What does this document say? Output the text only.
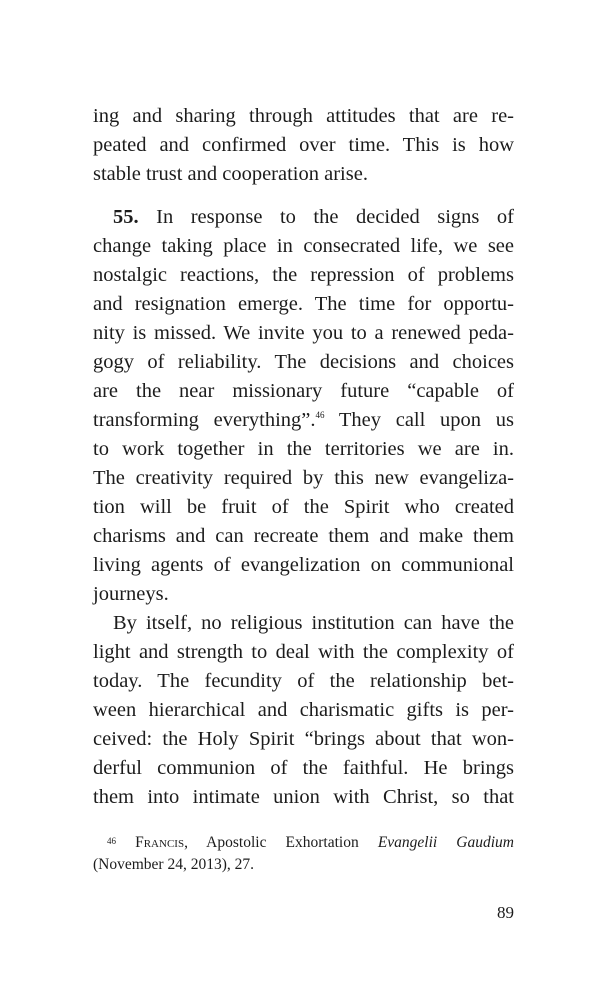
ing and sharing through attitudes that are re-
peated and confirmed over time. This is how
stable trust and cooperation arise.
55. In response to the decided signs of
change taking place in consecrated life, we see
nostalgic reactions, the repression of problems
and resignation emerge. The time for opportu-
nity is missed. We invite you to a renewed peda-
gogy of reliability. The decisions and choices
are the near missionary future “capable of
transforming everything”.$^{46}$ They call upon us
to work together in the territories we are in.
The creativity required by this new evangeliza-
tion will be fruit of the Spirit who created
charisms and can recreate them and make them
living agents of evangelization on communional
journeys.
By itself, no religious institution can have the
light and strength to deal with the complexity of
today. The fecundity of the relationship bet-
ween hierarchical and charismatic gifts is per-
ceived: the Holy Spirit “brings about that won-
derful communion of the faithful. He brings
them into intimate union with Christ, so that
$^{46}$ Francis, Apostolic Exhortation Evangelii Gaudium
(November 24, 2013), 27.
89
